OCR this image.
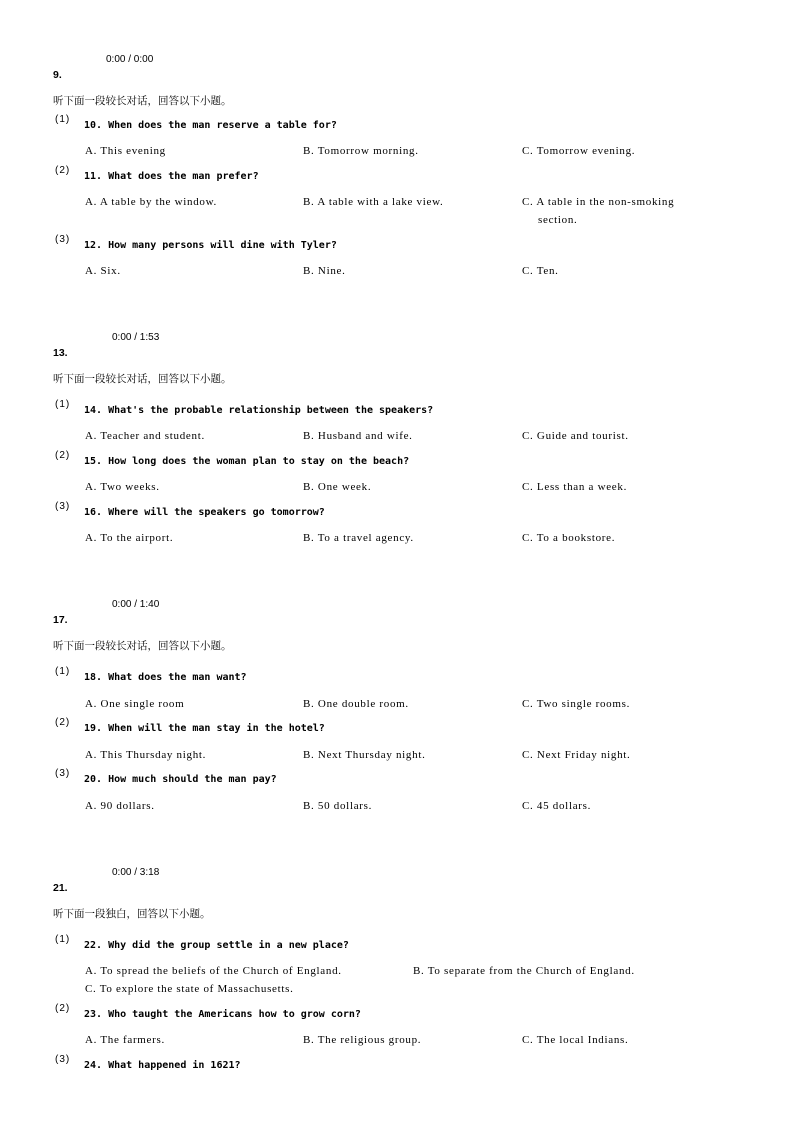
0:00 / 0:00
9.
听下面一段较长对话，回答以下小题。
(1)
10. When does the man reserve a table for?
A. This evening	B. Tomorrow morning.	C. Tomorrow evening.
(2)
11. What does the man prefer?
A. A table by the window.	B. A table with a lake view.	C. A table in the non-smoking
section.
(3)
12. How many persons will dine with Tyler?
A. Six.	B. Nine.	C. Ten.
0:00 / 1:53
13.
听下面一段较长对话，回答以下小题。
(1)
14. What's the probable relationship between the speakers?
A. Teacher and student.	B. Husband and wife.	C. Guide and tourist.
(2)
15. How long does the woman plan to stay on the beach?
A. Two weeks.	B. One week.	C. Less than a week.
(3)
16. Where will the speakers go tomorrow?
A. To the airport.	B. To a travel agency.	C. To a bookstore.
0:00 / 1:40
17.
听下面一段较长对话，回答以下小题。
(1)
18. What does the man want?
A. One single room	B. One double room.	C. Two single rooms.
(2)
19. When will the man stay in the hotel?
A. This Thursday night.	B. Next Thursday night.	C. Next Friday night.
(3)
20. How much should the man pay?
A. 90 dollars.	B. 50 dollars.	C. 45 dollars.
0:00 / 3:18
21.
听下面一段独白，回答以下小题。
(1)
22. Why did the group settle in a new place?
A. To spread the beliefs of the Church of England.	B. To separate from the Church of England.
C. To explore the state of Massachusetts.
(2)
23. Who taught the Americans how to grow corn?
A. The farmers.	B. The religious group.	C. The local Indians.
(3)
24. What happened in 1621?
